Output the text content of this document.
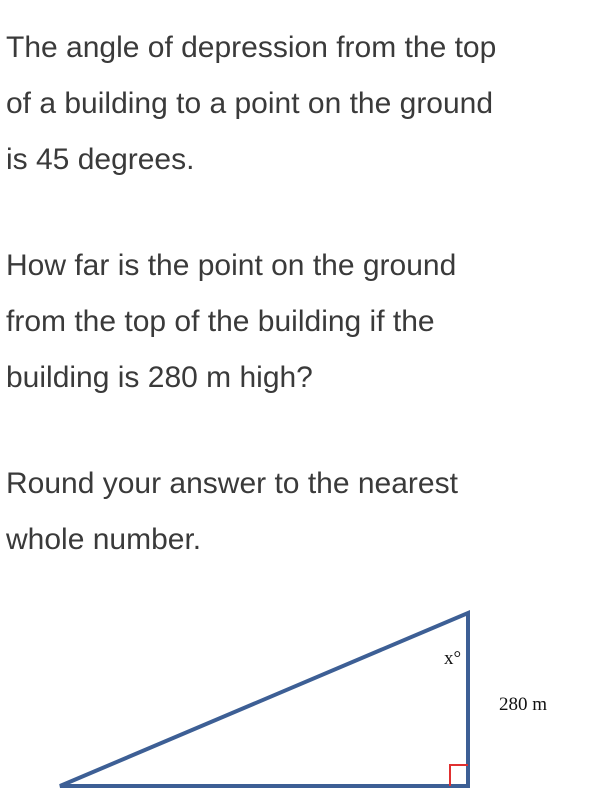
The angle of depression from the top
of a building to a point on the ground
is 45 degrees.

How far is the point on the ground
from the top of the building if the
building is 280 m high?

Round your answer to the nearest
whole number.

x°
280 m
